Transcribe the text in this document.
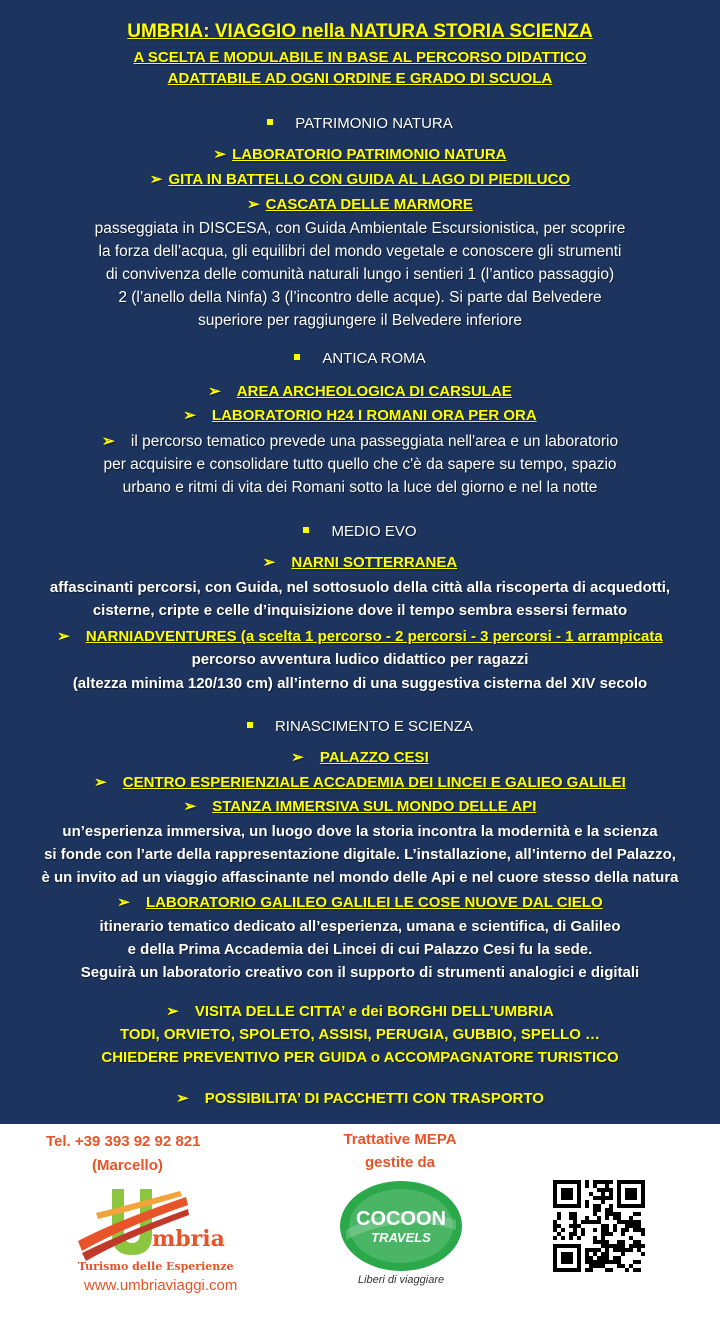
UMBRIA: VIAGGIO nella NATURA STORIA SCIENZA
A SCELTA E MODULABILE IN BASE AL PERCORSO DIDATTICO
ADATTABILE AD OGNI ORDINE E GRADO DI SCUOLA
PATRIMONIO NATURA
➢ LABORATORIO PATRIMONIO NATURA
➢ GITA IN BATTELLO CON GUIDA AL LAGO DI PIEDILUCO
➢ CASCATA DELLE MARMORE
passeggiata in DISCESA, con Guida Ambientale Escursionistica, per scoprire
la forza dell’acqua, gli equilibri del mondo vegetale e conoscere gli strumenti
di convivenza delle comunità naturali lungo i sentieri 1 (l’antico passaggio)
2 (l’anello della Ninfa) 3 (l’incontro delle acque). Si parte dal Belvedere
superiore per raggiungere il Belvedere inferiore
ANTICA ROMA
➢ AREA ARCHEOLOGICA DI CARSULAE
➢ LABORATORIO H24 I ROMANI ORA PER ORA
➢ il percorso tematico prevede una passeggiata nell'area e un laboratorio
per acquisire e consolidare tutto quello che c'è da sapere su tempo, spazio
urbano e ritmi di vita dei Romani sotto la luce del giorno e nel la notte
MEDIO EVO
➢ NARNI SOTTERRANEA
affascinanti percorsi, con Guida, nel sottosuolo della città alla riscoperta di acquedotti,
cisterne, cripte e celle d’inquisizione dove il tempo sembra essersi fermato
➢ NARNIADVENTURES (a scelta 1 percorso - 2 percorsi - 3 percorsi - 1 arrampicata
percorso avventura ludico didattico per ragazzi
(altezza minima 120/130 cm) all’interno di una suggestiva cisterna del XIV secolo
RINASCIMENTO E SCIENZA
➢ PALAZZO CESI
➢ CENTRO ESPERIENZIALE ACCADEMIA DEI LINCEI E GALIEO GALILEI
➢ STANZA IMMERSIVA SUL MONDO DELLE API
un’esperienza immersiva, un luogo dove la storia incontra la modernità e la scienza
si fonde con l’arte della rappresentazione digitale. L’installazione, all’interno del Palazzo,
è un invito ad un viaggio affascinante nel mondo delle Api e nel cuore stesso della natura
➢ LABORATORIO GALILEO GALILEI LE COSE NUOVE DAL CIELO
itinerario tematico dedicato all’esperienza, umana e scientifica, di Galileo
e della Prima Accademia dei Lincei di cui Palazzo Cesi fu la sede.
Seguirà un laboratorio creativo con il supporto di strumenti analogici e digitali
➢ VISITA DELLE CITTA’ e dei BORGHI DELL’UMBRIA
TODI, ORVIETO, SPOLETO, ASSISI, PERUGIA, GUBBIO, SPELLO …
CHIEDERE PREVENTIVO PER GUIDA o ACCOMPAGNATORE TURISTICO
➢ POSSIBILITA’ DI PACCHETTI CON TRASPORTO
Tel. +39 393 92 92 821
(Marcello)
mbria
Turismo delle Esperienze
www.umbriaviaggi.com
Trattative MEPA
gestite da
COCOON
TRAVELS
Liberi di viaggiare
